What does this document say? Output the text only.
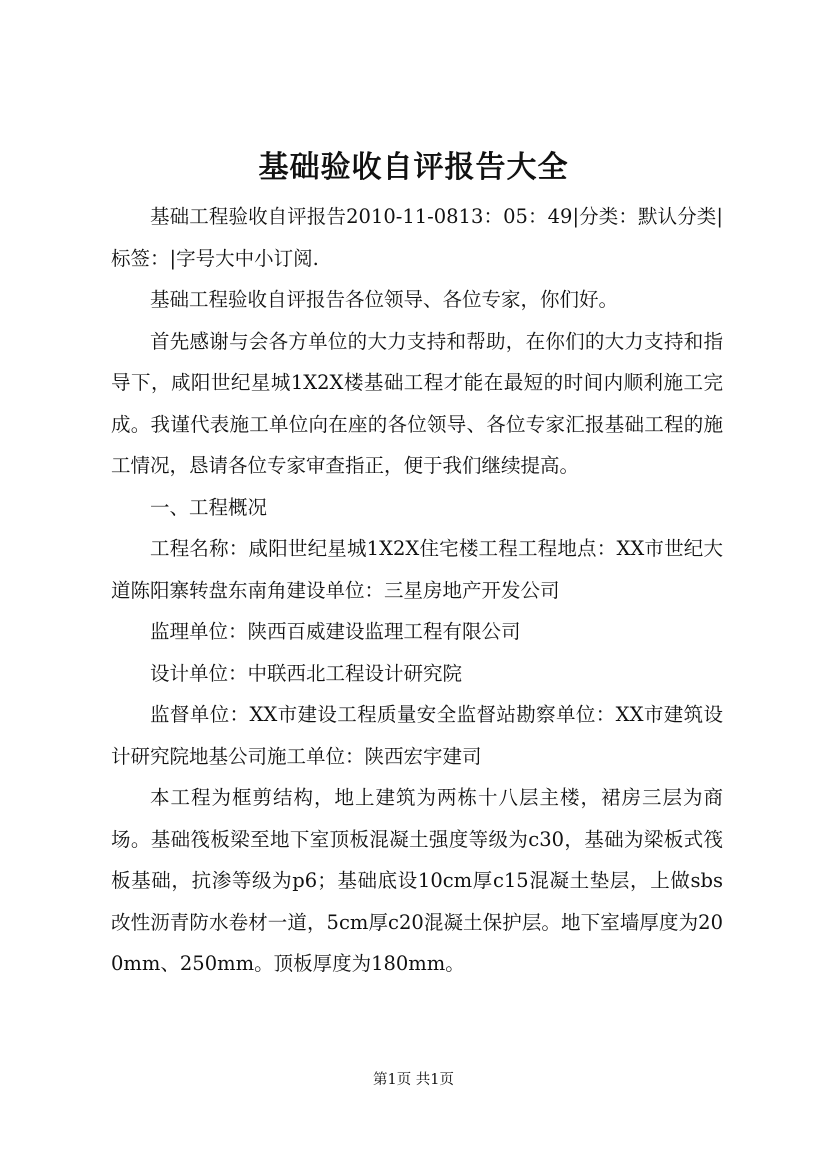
基础验收自评报告大全

基础工程验收自评报告2010-11-0813：05：49|分类：默认分类|标签：|字号大中小订阅.

基础工程验收自评报告各位领导、各位专家，你们好。

首先感谢与会各方单位的大力支持和帮助，在你们的大力支持和指导下，咸阳世纪星城1X2X楼基础工程才能在最短的时间内顺利施工完成。我谨代表施工单位向在座的各位领导、各位专家汇报基础工程的施工情况，恳请各位专家审查指正，便于我们继续提高。

一、工程概况

工程名称：咸阳世纪星城1X2X住宅楼工程工程地点：XX市世纪大道陈阳寨转盘东南角建设单位：三星房地产开发公司

监理单位：陕西百威建设监理工程有限公司

设计单位：中联西北工程设计研究院

监督单位：XX市建设工程质量安全监督站勘察单位：XX市建筑设计研究院地基公司施工单位：陕西宏宇建司

本工程为框剪结构，地上建筑为两栋十八层主楼，裙房三层为商场。基础筏板梁至地下室顶板混凝土强度等级为c30，基础为梁板式筏板基础，抗渗等级为p6；基础底设10cm厚c15混凝土垫层，上做sbs改性沥青防水卷材一道，5cm厚c20混凝土保护层。地下室墙厚度为200mm、250mm。顶板厚度为180mm。

第1页 共1页
